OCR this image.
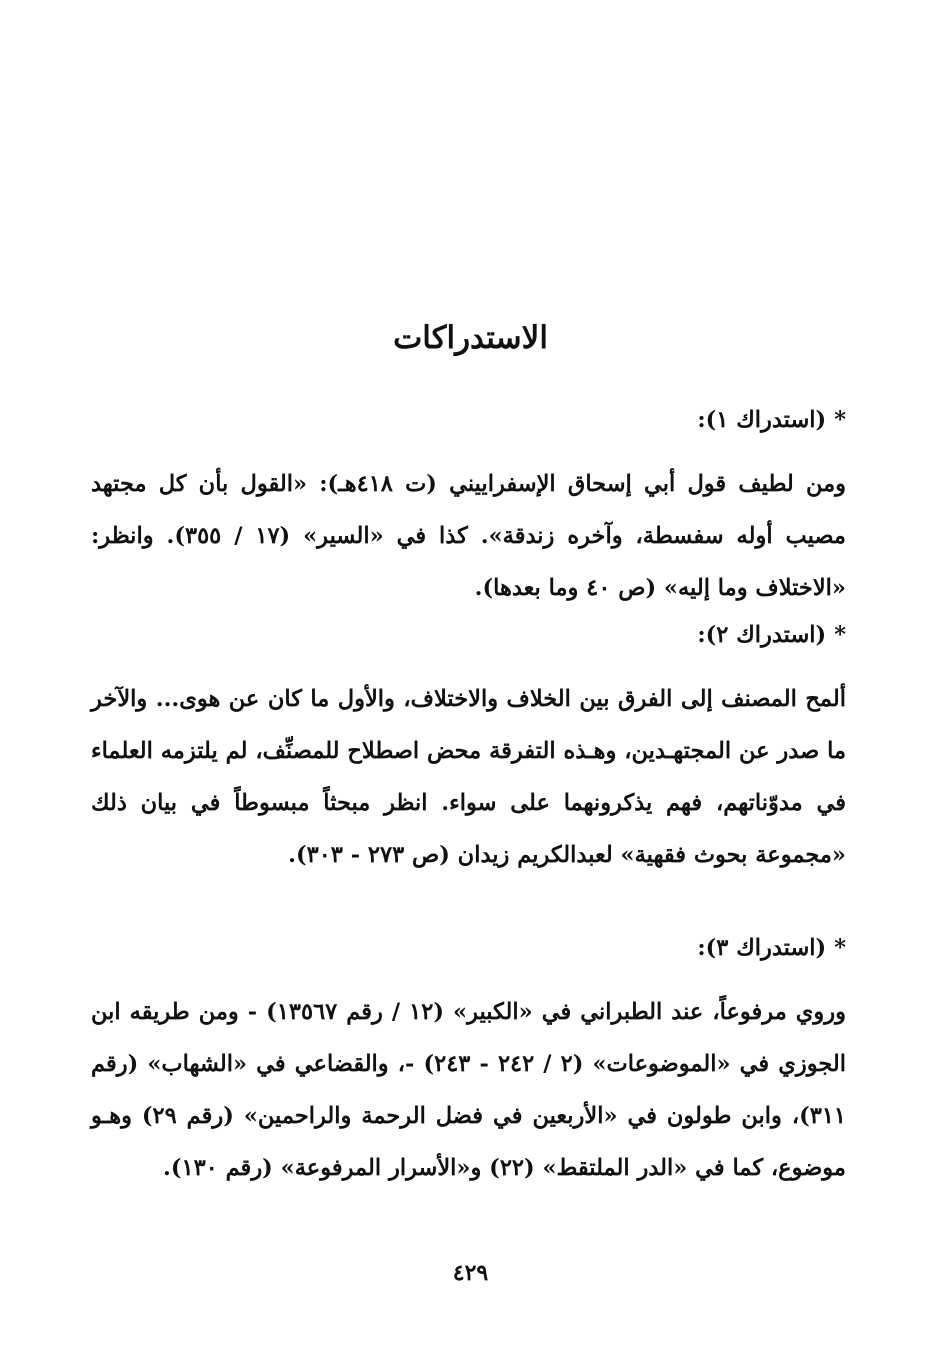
الاستدراكات
*(استدراك ١):
ومن لطيف قول أبي إسحاق الإسفراييني (ت ٤١٨هـ): «القول بأن كل مجتهد مصيب أوله سفسطة، وآخره زندقة». كذا في «السير» (١٧ / ٣٥٥). وانظر: «الاختلاف وما إليه» (ص ٤٠ وما بعدها).
*(استدراك ٢):
ألمح المصنف إلى الفرق بين الخلاف والاختلاف، والأول ما كان عن هوى... والآخر ما صدر عن المجتهـدين، وهـذه التفرقة محض اصطلاح للمصنِّف، لم يلتزمه العلماء في مدوّناتهم، فهم يذكرونهما على سواء. انظر مبحثاً مبسوطاً في بيان ذلك «مجموعة بحوث فقهية» لعبدالكريم زيدان (ص ٢٧٣ - ٣٠٣).
*(استدراك ٣):
وروي مرفوعاً، عند الطبراني في «الكبير» (١٢ / رقم ١٣٥٦٧) - ومن طريقه ابن الجوزي في «الموضوعات» (٢ / ٢٤٢ - ٢٤٣) -، والقضاعي في «الشهاب» (رقم ٣١١)، وابن طولون في «الأربعين في فضل الرحمة والراحمين» (رقم ٢٩) وهـو موضوع، كما في «الدر الملتقط» (٢٢) و«الأسرار المرفوعة» (رقم ١٣٠).
٤٢٩
